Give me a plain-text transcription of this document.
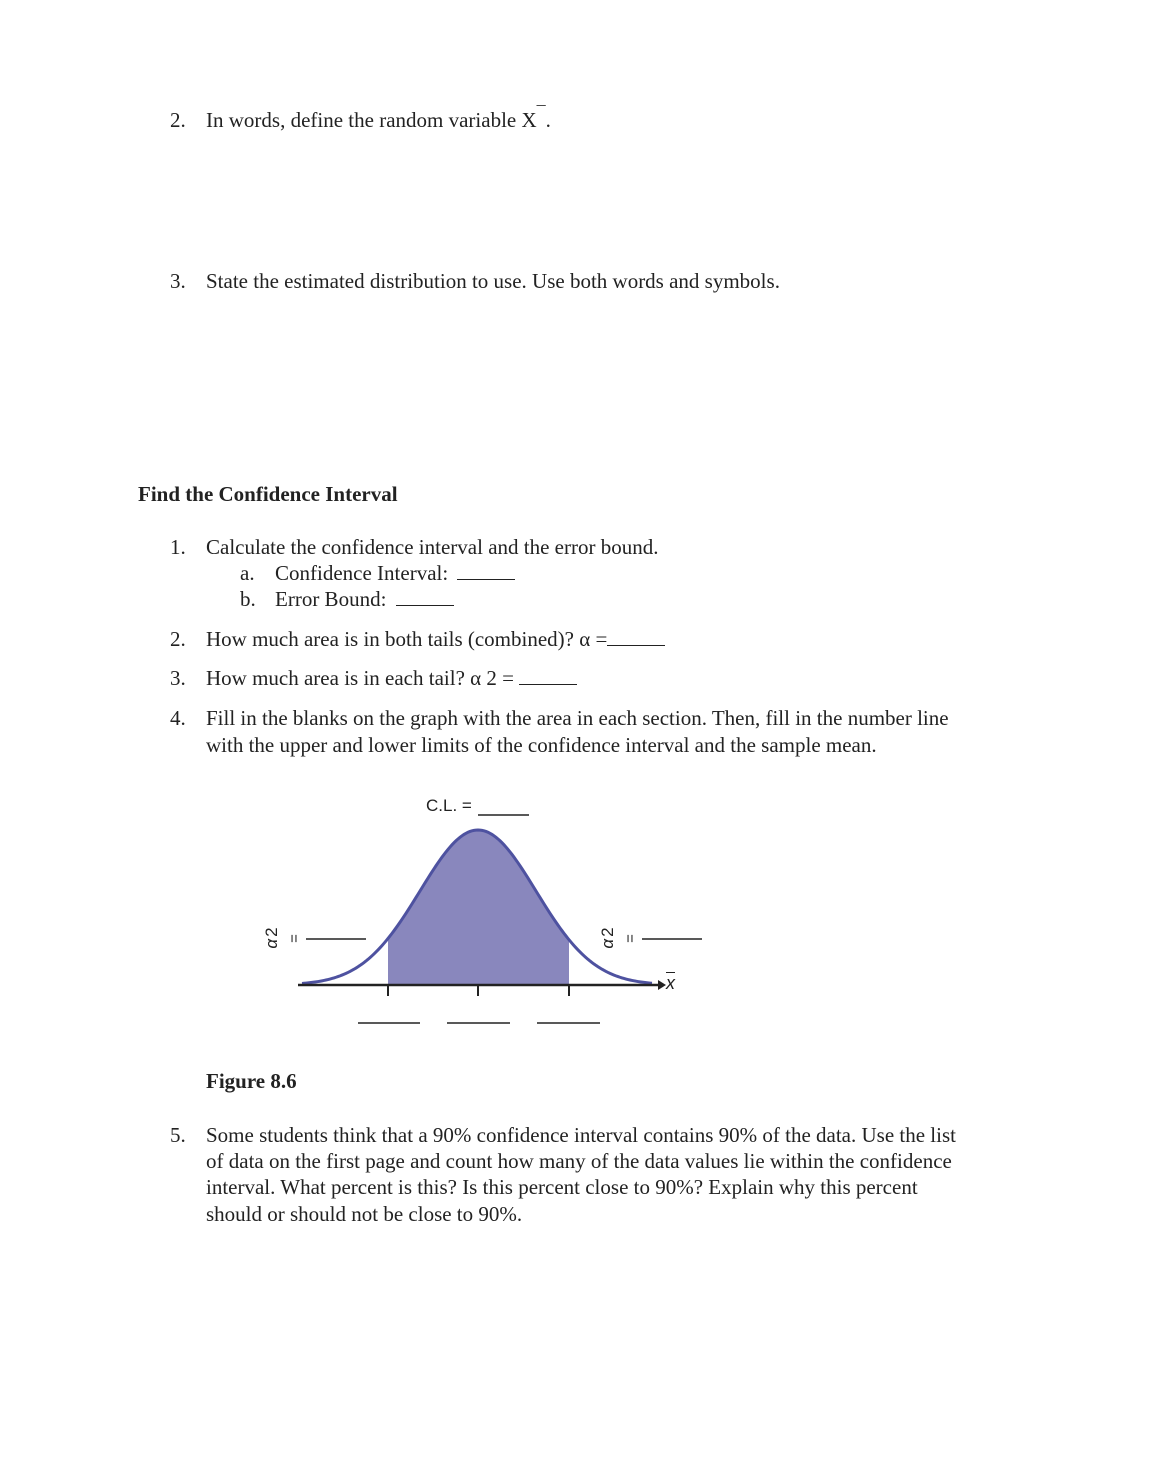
2. In words, define the random variable X¯.
3. State the estimated distribution to use. Use both words and symbols.
Find the Confidence Interval
1. Calculate the confidence interval and the error bound.
a. Confidence Interval:
b. Error Bound:
2. How much area is in both tails (combined)? α =
3. How much area is in each tail? α 2 =
4. Fill in the blanks on the graph with the area in each section. Then, fill in the number line
with the upper and lower limits of the confidence interval and the sample mean.
C.L. =
α2
=
α2
=
$\overline{x}$
Figure 8.6
5. Some students think that a 90% confidence interval contains 90% of the data. Use the list
of data on the first page and count how many of the data values lie within the confidence
interval. What percent is this? Is this percent close to 90%? Explain why this percent
should or should not be close to 90%.
